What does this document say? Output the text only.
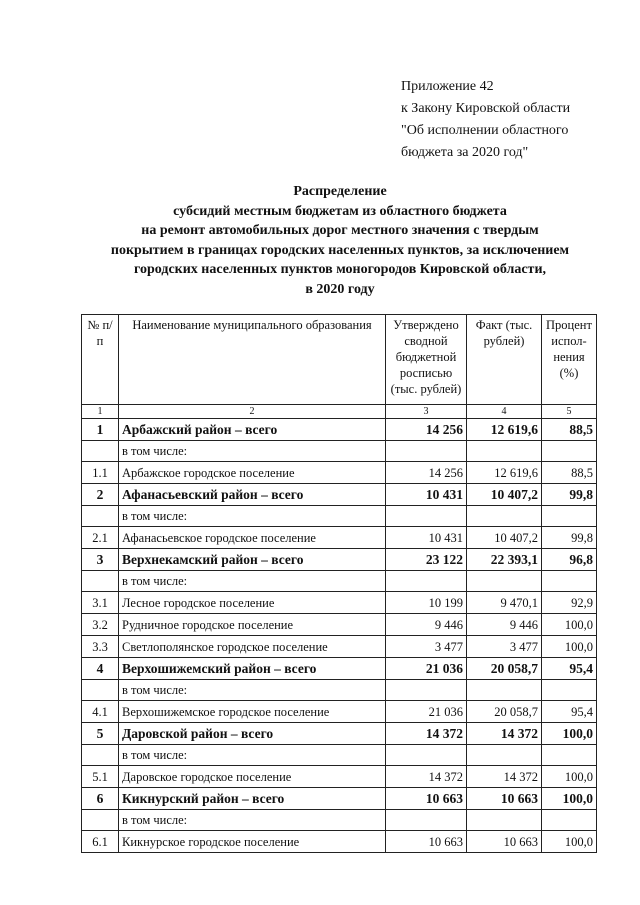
Приложение 42
к Закону Кировской области
"Об исполнении областного
бюджета за 2020 год"
Распределение
субсидий местным бюджетам из областного бюджета
на ремонт автомобильных дорог местного значения с твердым
покрытием в границах городских населенных пунктов, за исключением
городских населенных пунктов моногородов Кировской области,
в 2020 году
№ п/п	Наименование муниципального образования	Утверждено сводной бюджетной росписью (тыс. рублей)	Факт (тыс. рублей)	Процент испол-нения (%)
1	2	3	4	5
1	Арбажский район – всего	14 256	12 619,6	88,5
	в том числе:			
1.1	Арбажское городское поселение	14 256	12 619,6	88,5
2	Афанасьевский район – всего	10 431	10 407,2	99,8
	в том числе:			
2.1	Афанасьевское городское поселение	10 431	10 407,2	99,8
3	Верхнекамский район – всего	23 122	22 393,1	96,8
	в том числе:			
3.1	Лесное городское поселение	10 199	9 470,1	92,9
3.2	Рудничное городское поселение	9 446	9 446	100,0
3.3	Светлополянское городское поселение	3 477	3 477	100,0
4	Верхошижемский район – всего	21 036	20 058,7	95,4
	в том числе:			
4.1	Верхошижемское городское поселение	21 036	20 058,7	95,4
5	Даровской район – всего	14 372	14 372	100,0
	в том числе:			
5.1	Даровское городское поселение	14 372	14 372	100,0
6	Кикнурский район – всего	10 663	10 663	100,0
	в том числе:			
6.1	Кикнурское городское поселение	10 663	10 663	100,0
